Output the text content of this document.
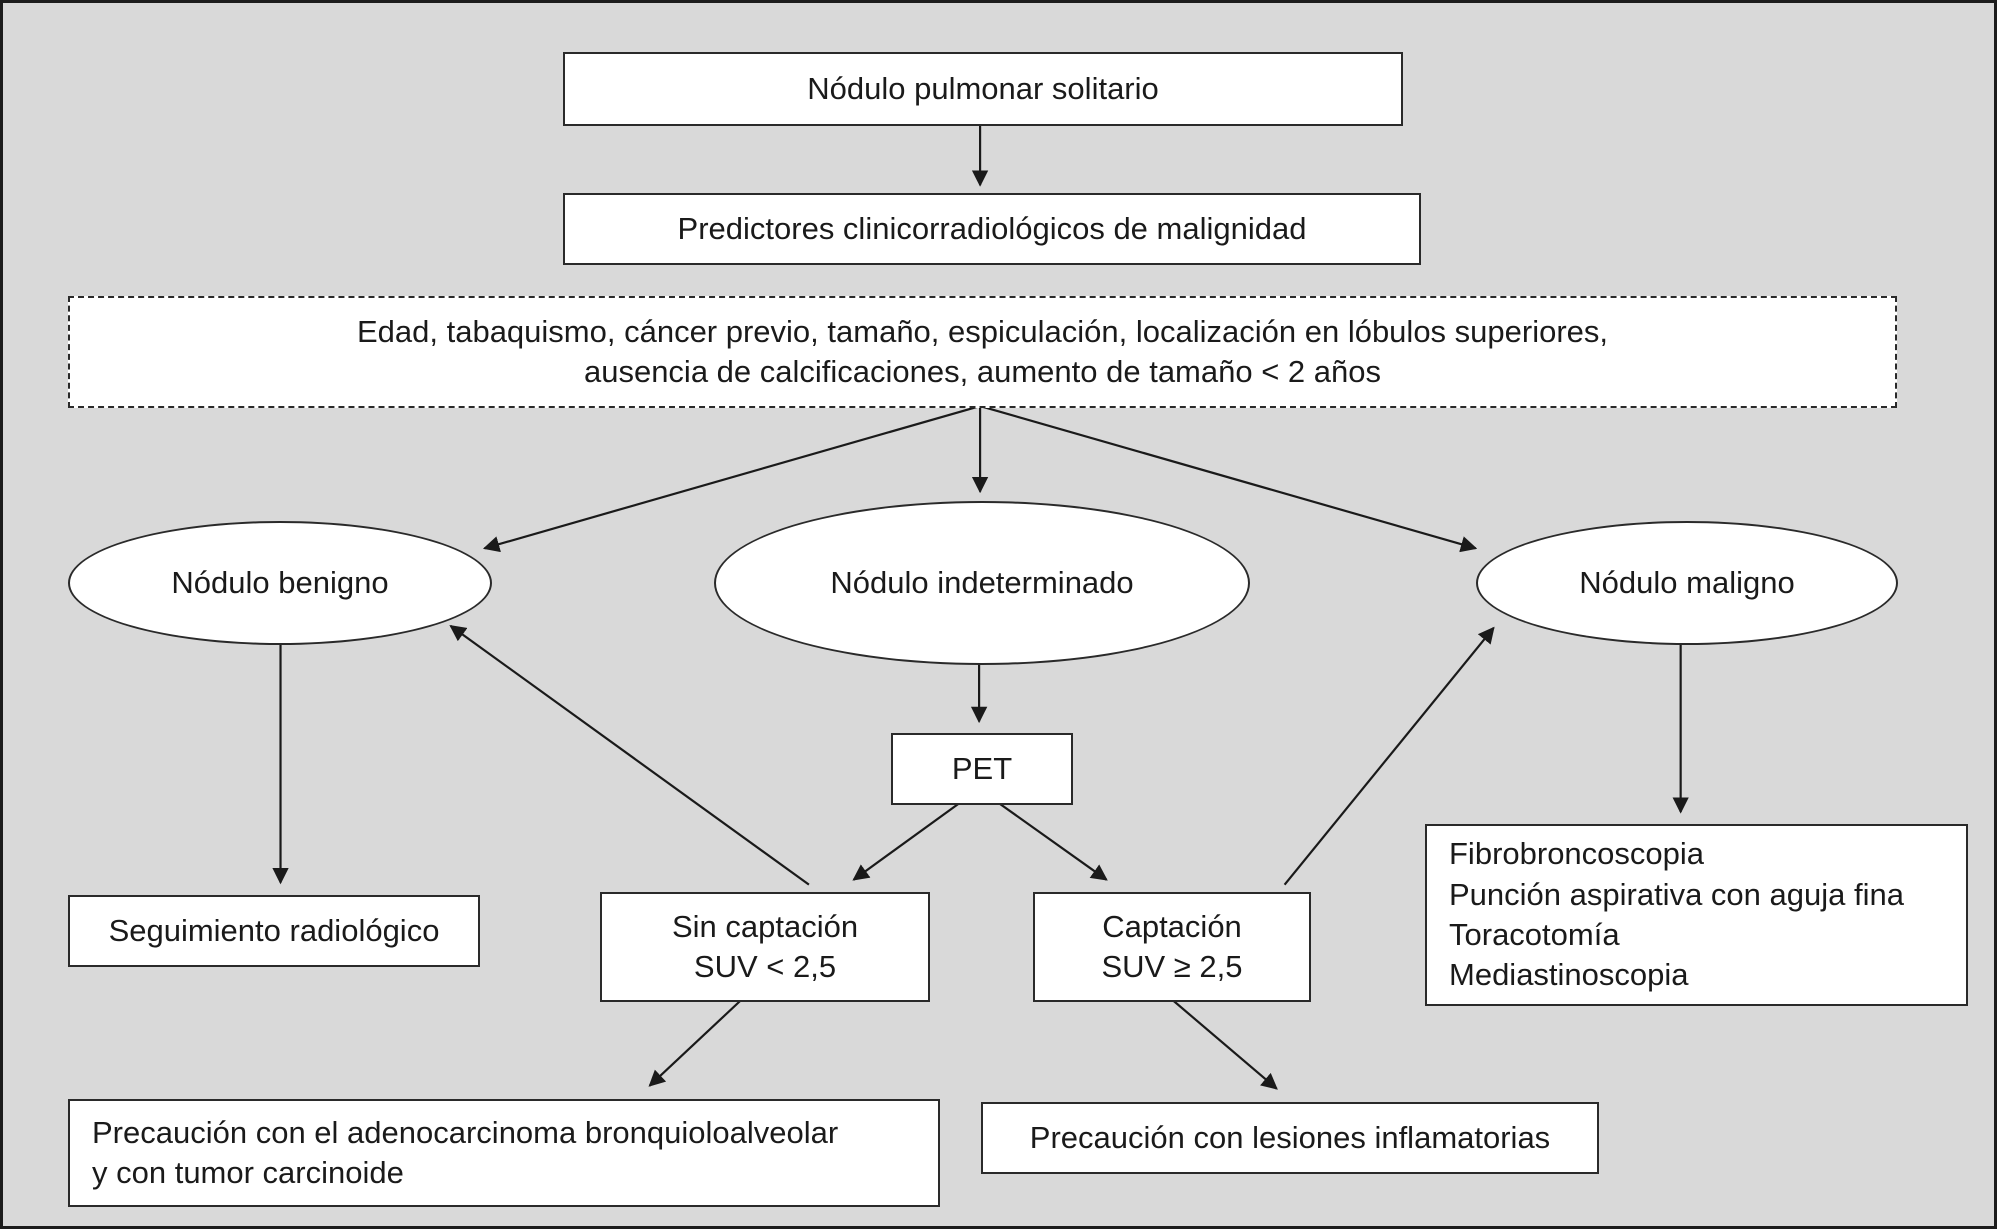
Nódulo pulmonar solitario
Predictores clinicorradiológicos de malignidad
Edad, tabaquismo, cáncer previo, tamaño, espiculación, localización en lóbulos superiores,
ausencia de calcificaciones, aumento de tamaño < 2 años
Nódulo benigno	Nódulo indeterminado	Nódulo maligno
PET
Seguimiento radiológico	Sin captación
SUV < 2,5
Captación
SUV ≥ 2,5
Fibrobroncoscopia
Punción aspirativa con aguja fina
Toracotomía
Mediastinoscopia
Precaución con el adenocarcinoma bronquioloalveolar
y con tumor carcinoide
Precaución con lesiones inflamatorias
